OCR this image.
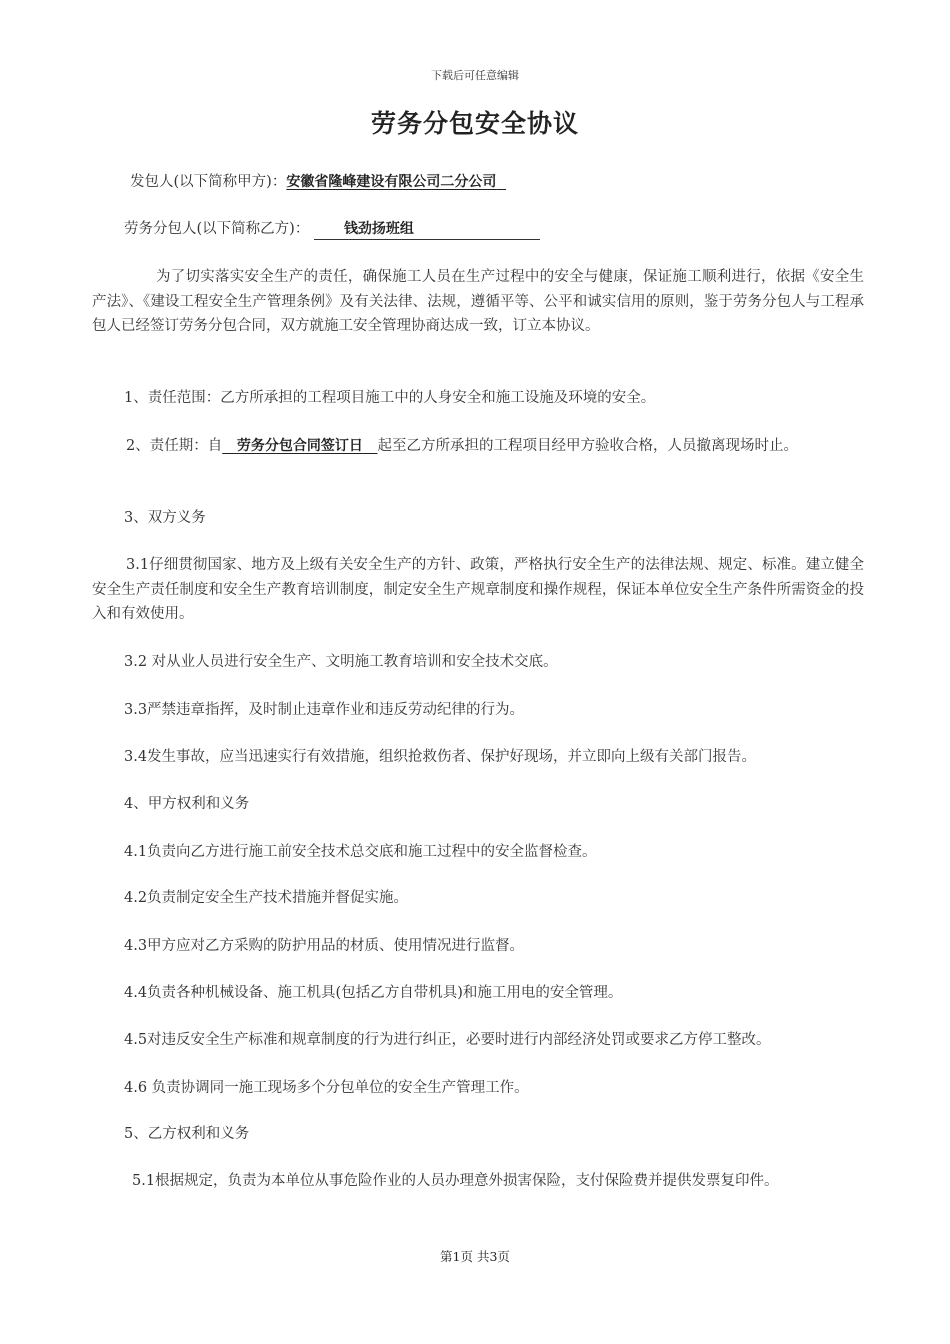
下载后可任意编辑
劳务分包安全协议
发包人(以下简称甲方)：安徽省隆峰建设有限公司二分公司
劳务分包人(以下简称乙方)： 钱劲扬班组
为了切实落实安全生产的责任，确保施工人员在生产过程中的安全与健康，保证施工顺利进行，依据《安全生产法》、《建设工程安全生产管理条例》及有关法律、法规，遵循平等、公平和诚实信用的原则，鉴于劳务分包人与工程承包人已经签订劳务分包合同，双方就施工安全管理协商达成一致，订立本协议。
1、责任范围：乙方所承担的工程项目施工中的人身安全和施工设施及环境的安全。
2、责任期：自 劳务分包合同签订日 起至乙方所承担的工程项目经甲方验收合格，人员撤离现场时止。
3、双方义务
3.1仔细贯彻国家、地方及上级有关安全生产的方针、政策，严格执行安全生产的法律法规、规定、标准。建立健全安全生产责任制度和安全生产教育培训制度，制定安全生产规章制度和操作规程，保证本单位安全生产条件所需资金的投入和有效使用。
3.2 对从业人员进行安全生产、文明施工教育培训和安全技术交底。
3.3严禁违章指挥，及时制止违章作业和违反劳动纪律的行为。
3.4发生事故，应当迅速实行有效措施，组织抢救伤者、保护好现场，并立即向上级有关部门报告。
4、甲方权利和义务
4.1负责向乙方进行施工前安全技术总交底和施工过程中的安全监督检查。
4.2负责制定安全生产技术措施并督促实施。
4.3甲方应对乙方采购的防护用品的材质、使用情况进行监督。
4.4负责各种机械设备、施工机具(包括乙方自带机具)和施工用电的安全管理。
4.5对违反安全生产标准和规章制度的行为进行纠正，必要时进行内部经济处罚或要求乙方停工整改。
4.6 负责协调同一施工现场多个分包单位的安全生产管理工作。
5、乙方权利和义务
5.1根据规定，负责为本单位从事危险作业的人员办理意外损害保险，支付保险费并提供发票复印件。
第1页 共3页
